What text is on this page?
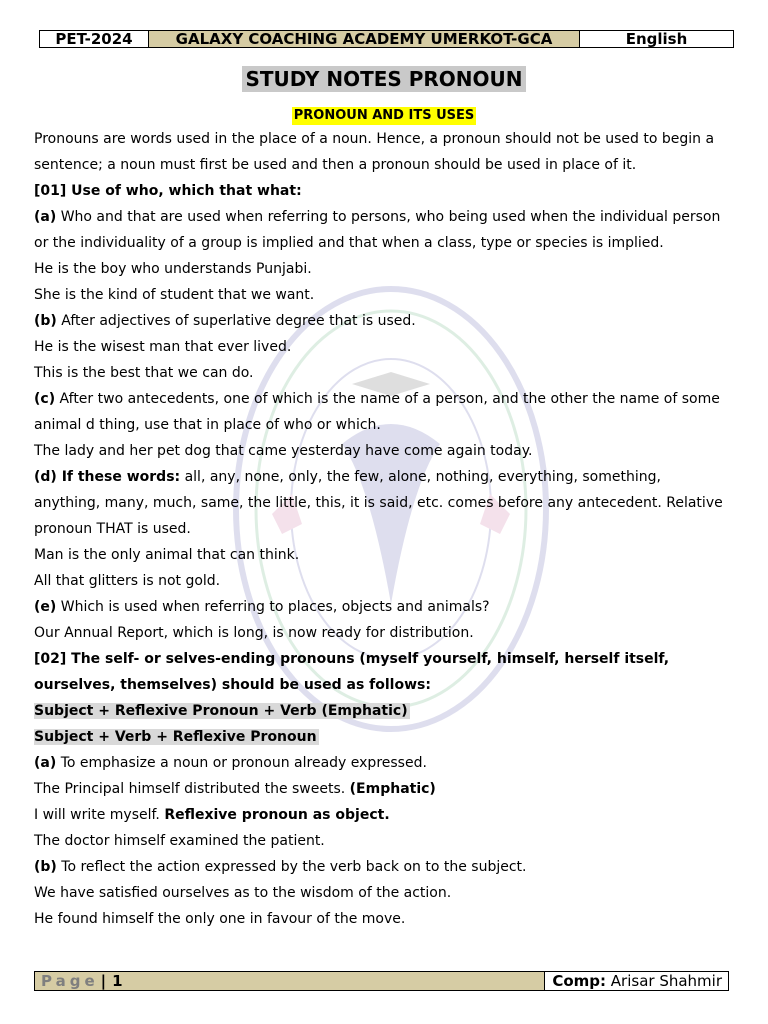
PET-2024	GALAXY COACHING ACADEMY UMERKOT-GCA	English
STUDY NOTES PRONOUN
PRONOUN AND ITS USES
Pronouns are words used in the place of a noun. Hence, a pronoun should not be used to begin a
sentence; a noun must first be used and then a pronoun should be used in place of it.
[01] Use of who, which that what:
(a) Who and that are used when referring to persons, who being used when the individual person
or the individuality of a group is implied and that when a class, type or species is implied.
He is the boy who understands Punjabi.
She is the kind of student that we want.
(b) After adjectives of superlative degree that is used.
He is the wisest man that ever lived.
This is the best that we can do.
(c) After two antecedents, one of which is the name of a person, and the other the name of some
animal d thing, use that in place of who or which.
The lady and her pet dog that came yesterday have come again today.
(d) If these words: all, any, none, only, the few, alone, nothing, everything, something,
anything, many, much, same, the little, this, it is said, etc. comes before any antecedent. Relative
pronoun THAT is used.
Man is the only animal that can think.
All that glitters is not gold.
(e) Which is used when referring to places, objects and animals?
Our Annual Report, which is long, is now ready for distribution.
[02] The self- or selves-ending pronouns (myself yourself, himself, herself itself,
ourselves, themselves) should be used as follows:
Subject + Reflexive Pronoun + Verb (Emphatic)
Subject + Verb + Reflexive Pronoun
(a) To emphasize a noun or pronoun already expressed.
The Principal himself distributed the sweets. (Emphatic)
I will write myself. Reflexive pronoun as object.
The doctor himself examined the patient.
(b) To reflect the action expressed by the verb back on to the subject.
We have satisfied ourselves as to the wisdom of the action.
He found himself the only one in favour of the move.
Page | 1	Comp:
Arisar Shahmir
